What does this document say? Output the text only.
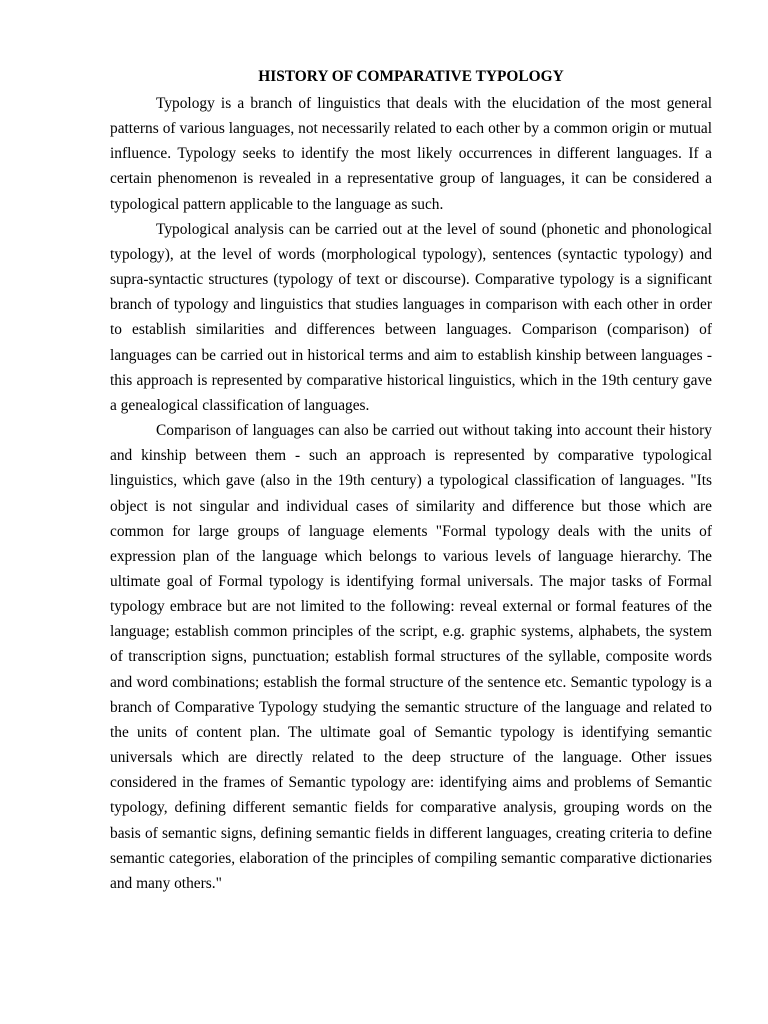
HISTORY OF COMPARATIVE TYPOLOGY

Typology is a branch of linguistics that deals with the elucidation of the most general patterns of various languages, not necessarily related to each other by a common origin or mutual influence. Typology seeks to identify the most likely occurrences in different languages. If a certain phenomenon is revealed in a representative group of languages, it can be considered a typological pattern applicable to the language as such.

Typological analysis can be carried out at the level of sound (phonetic and phonological typology), at the level of words (morphological typology), sentences (syntactic typology) and supra-syntactic structures (typology of text or discourse). Comparative typology is a significant branch of typology and linguistics that studies languages in comparison with each other in order to establish similarities and differences between languages. Comparison (comparison) of languages can be carried out in historical terms and aim to establish kinship between languages - this approach is represented by comparative historical linguistics, which in the 19th century gave a genealogical classification of languages.

Comparison of languages can also be carried out without taking into account their history and kinship between them - such an approach is represented by comparative typological linguistics, which gave (also in the 19th century) a typological classification of languages. "Its object is not singular and individual cases of similarity and difference but those which are common for large groups of language elements "Formal typology deals with the units of expression plan of the language which belongs to various levels of language hierarchy. The ultimate goal of Formal typology is identifying formal universals. The major tasks of Formal typology embrace but are not limited to the following: reveal external or formal features of the language; establish common principles of the script, e.g. graphic systems, alphabets, the system of transcription signs, punctuation; establish formal structures of the syllable, composite words and word combinations; establish the formal structure of the sentence etc. Semantic typology is a branch of Comparative Typology studying the semantic structure of the language and related to the units of content plan. The ultimate goal of Semantic typology is identifying semantic universals which are directly related to the deep structure of the language. Other issues considered in the frames of Semantic typology are: identifying aims and problems of Semantic typology, defining different semantic fields for comparative analysis, grouping words on the basis of semantic signs, defining semantic fields in different languages, creating criteria to define semantic categories, elaboration of the principles of compiling semantic comparative dictionaries and many others."
